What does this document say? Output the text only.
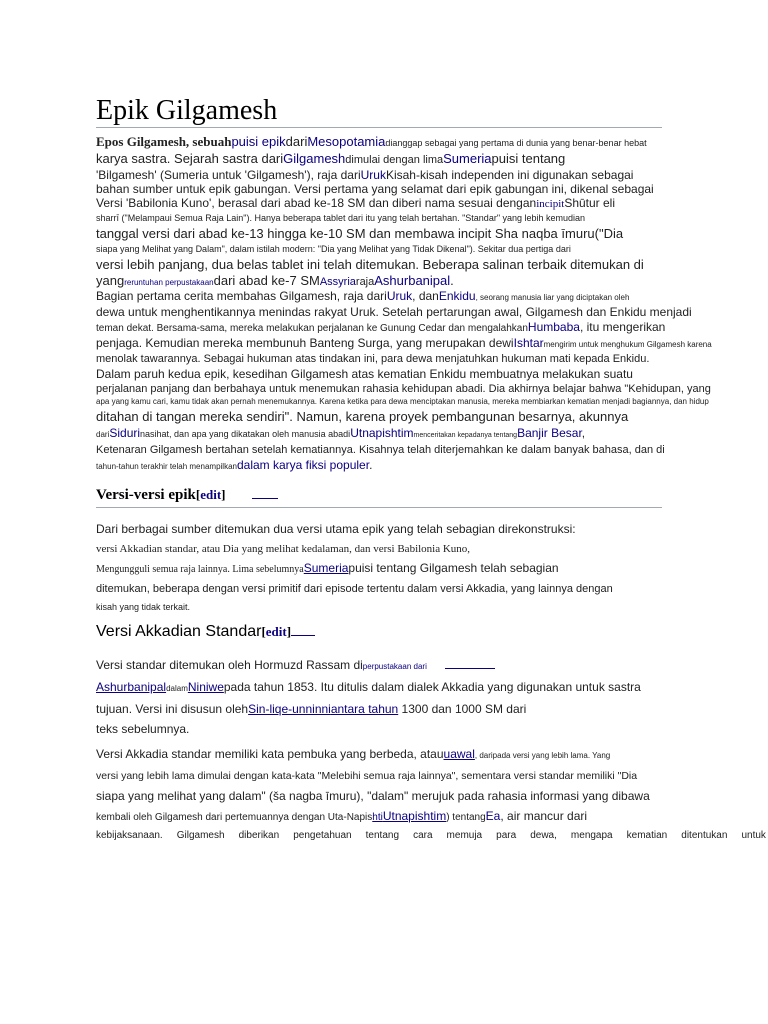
Epik Gilgamesh
Epos Gilgamesh, sebuahpuisi epikdariMesopotamiadianggap sebagai yang pertama di dunia yang benar-benar hebat
karya sastra. Sejarah sastra dariGilgameshdimulai dengan limaSumeriapuisi tentang
'Bilgamesh' (Sumeria untuk 'Gilgamesh'), raja dariUrukKisah-kisah independen ini digunakan sebagai
bahan sumber untuk epik gabungan. Versi pertama yang selamat dari epik gabungan ini, dikenal sebagai
Versi 'Babilonia Kuno', berasal dari abad ke-18 SM dan diberi nama sesuai denganincipitShūtur eli
sharrī ("Melampaui Semua Raja Lain"). Hanya beberapa tablet dari itu yang telah bertahan. "Standar" yang lebih kemudian
tanggal versi dari abad ke-13 hingga ke-10 SM dan membawa incipit Sha naqba īmuru("Dia
siapa yang Melihat yang Dalam", dalam istilah modern: "Dia yang Melihat yang Tidak Dikenal"). Sekitar dua pertiga dari
versi lebih panjang, dua belas tablet ini telah ditemukan. Beberapa salinan terbaik ditemukan di
yangreruntuhan perpustakaandari abad ke-7 SMAssyriarajaAshurbanipal.
Bagian pertama cerita membahas Gilgamesh, raja dariUruk, danEnkidu, seorang manusia liar yang diciptakan oleh
dewa untuk menghentikannya menindas rakyat Uruk. Setelah pertarungan awal, Gilgamesh dan Enkidu menjadi
teman dekat. Bersama-sama, mereka melakukan perjalanan ke Gunung Cedar dan mengalahkanHumbaba, itu mengerikan
penjaga. Kemudian mereka membunuh Banteng Surga, yang merupakan dewiIshtarmengirim untuk menghukum Gilgamesh karena
menolak tawarannya. Sebagai hukuman atas tindakan ini, para dewa menjatuhkan hukuman mati kepada Enkidu.
Dalam paruh kedua epik, kesedihan Gilgamesh atas kematian Enkidu membuatnya melakukan suatu
perjalanan panjang dan berbahaya untuk menemukan rahasia kehidupan abadi. Dia akhirnya belajar bahwa "Kehidupan, yang
apa yang kamu cari, kamu tidak akan pernah menemukannya. Karena ketika para dewa menciptakan manusia, mereka membiarkan kematian menjadi bagiannya, dan hidup
ditahan di tangan mereka sendiri". Namun, karena proyek pembangunan besarnya, akunnya
dariSidurinasihat, dan apa yang dikatakan oleh manusia abadiUtnapishtimmenceritakan kepadanya tentangBanjir Besar,
Ketenaran Gilgamesh bertahan setelah kematiannya. Kisahnya telah diterjemahkan ke dalam banyak bahasa, dan di
tahun-tahun terakhir telah menampilkandalam karya fiksi populer.
Versi-versi epik[edit]
Dari berbagai sumber ditemukan dua versi utama epik yang telah sebagian direkonstruksi:
versi Akkadian standar, atau Dia yang melihat kedalaman, dan versi Babilonia Kuno,
Mengungguli semua raja lainnya. Lima sebelumnyaSumeriapuisi tentang Gilgamesh telah sebagian
ditemukan, beberapa dengan versi primitif dari episode tertentu dalam versi Akkadia, yang lainnya dengan
kisah yang tidak terkait.
Versi Akkadian Standar[edit]
Versi standar ditemukan oleh Hormuzd Rassam diperpustakaan dari
AshurbanipaldalamNiniwepada tahun 1853. Itu ditulis dalam dialek Akkadia yang digunakan untuk sastra
tujuan. Versi ini disusun olehSin-liqe-unninniantara tahun 1300 dan 1000 SM dari
teks sebelumnya.
Versi Akkadia standar memiliki kata pembuka yang berbeda, atauuawal, daripada versi yang lebih lama. Yang
versi yang lebih lama dimulai dengan kata-kata "Melebihi semua raja lainnya", sementara versi standar memiliki "Dia
siapa yang melihat yang dalam" (ša nagba īmuru), "dalam" merujuk pada rahasia informasi yang dibawa
kembali oleh Gilgamesh dari pertemuannya dengan Uta-NapishtiUtnapishtim) tentangEa, air mancur dari
kebijaksanaan. Gilgamesh diberikan pengetahuan tentang cara memuja para dewa, mengapa kematian ditentukan untuk
